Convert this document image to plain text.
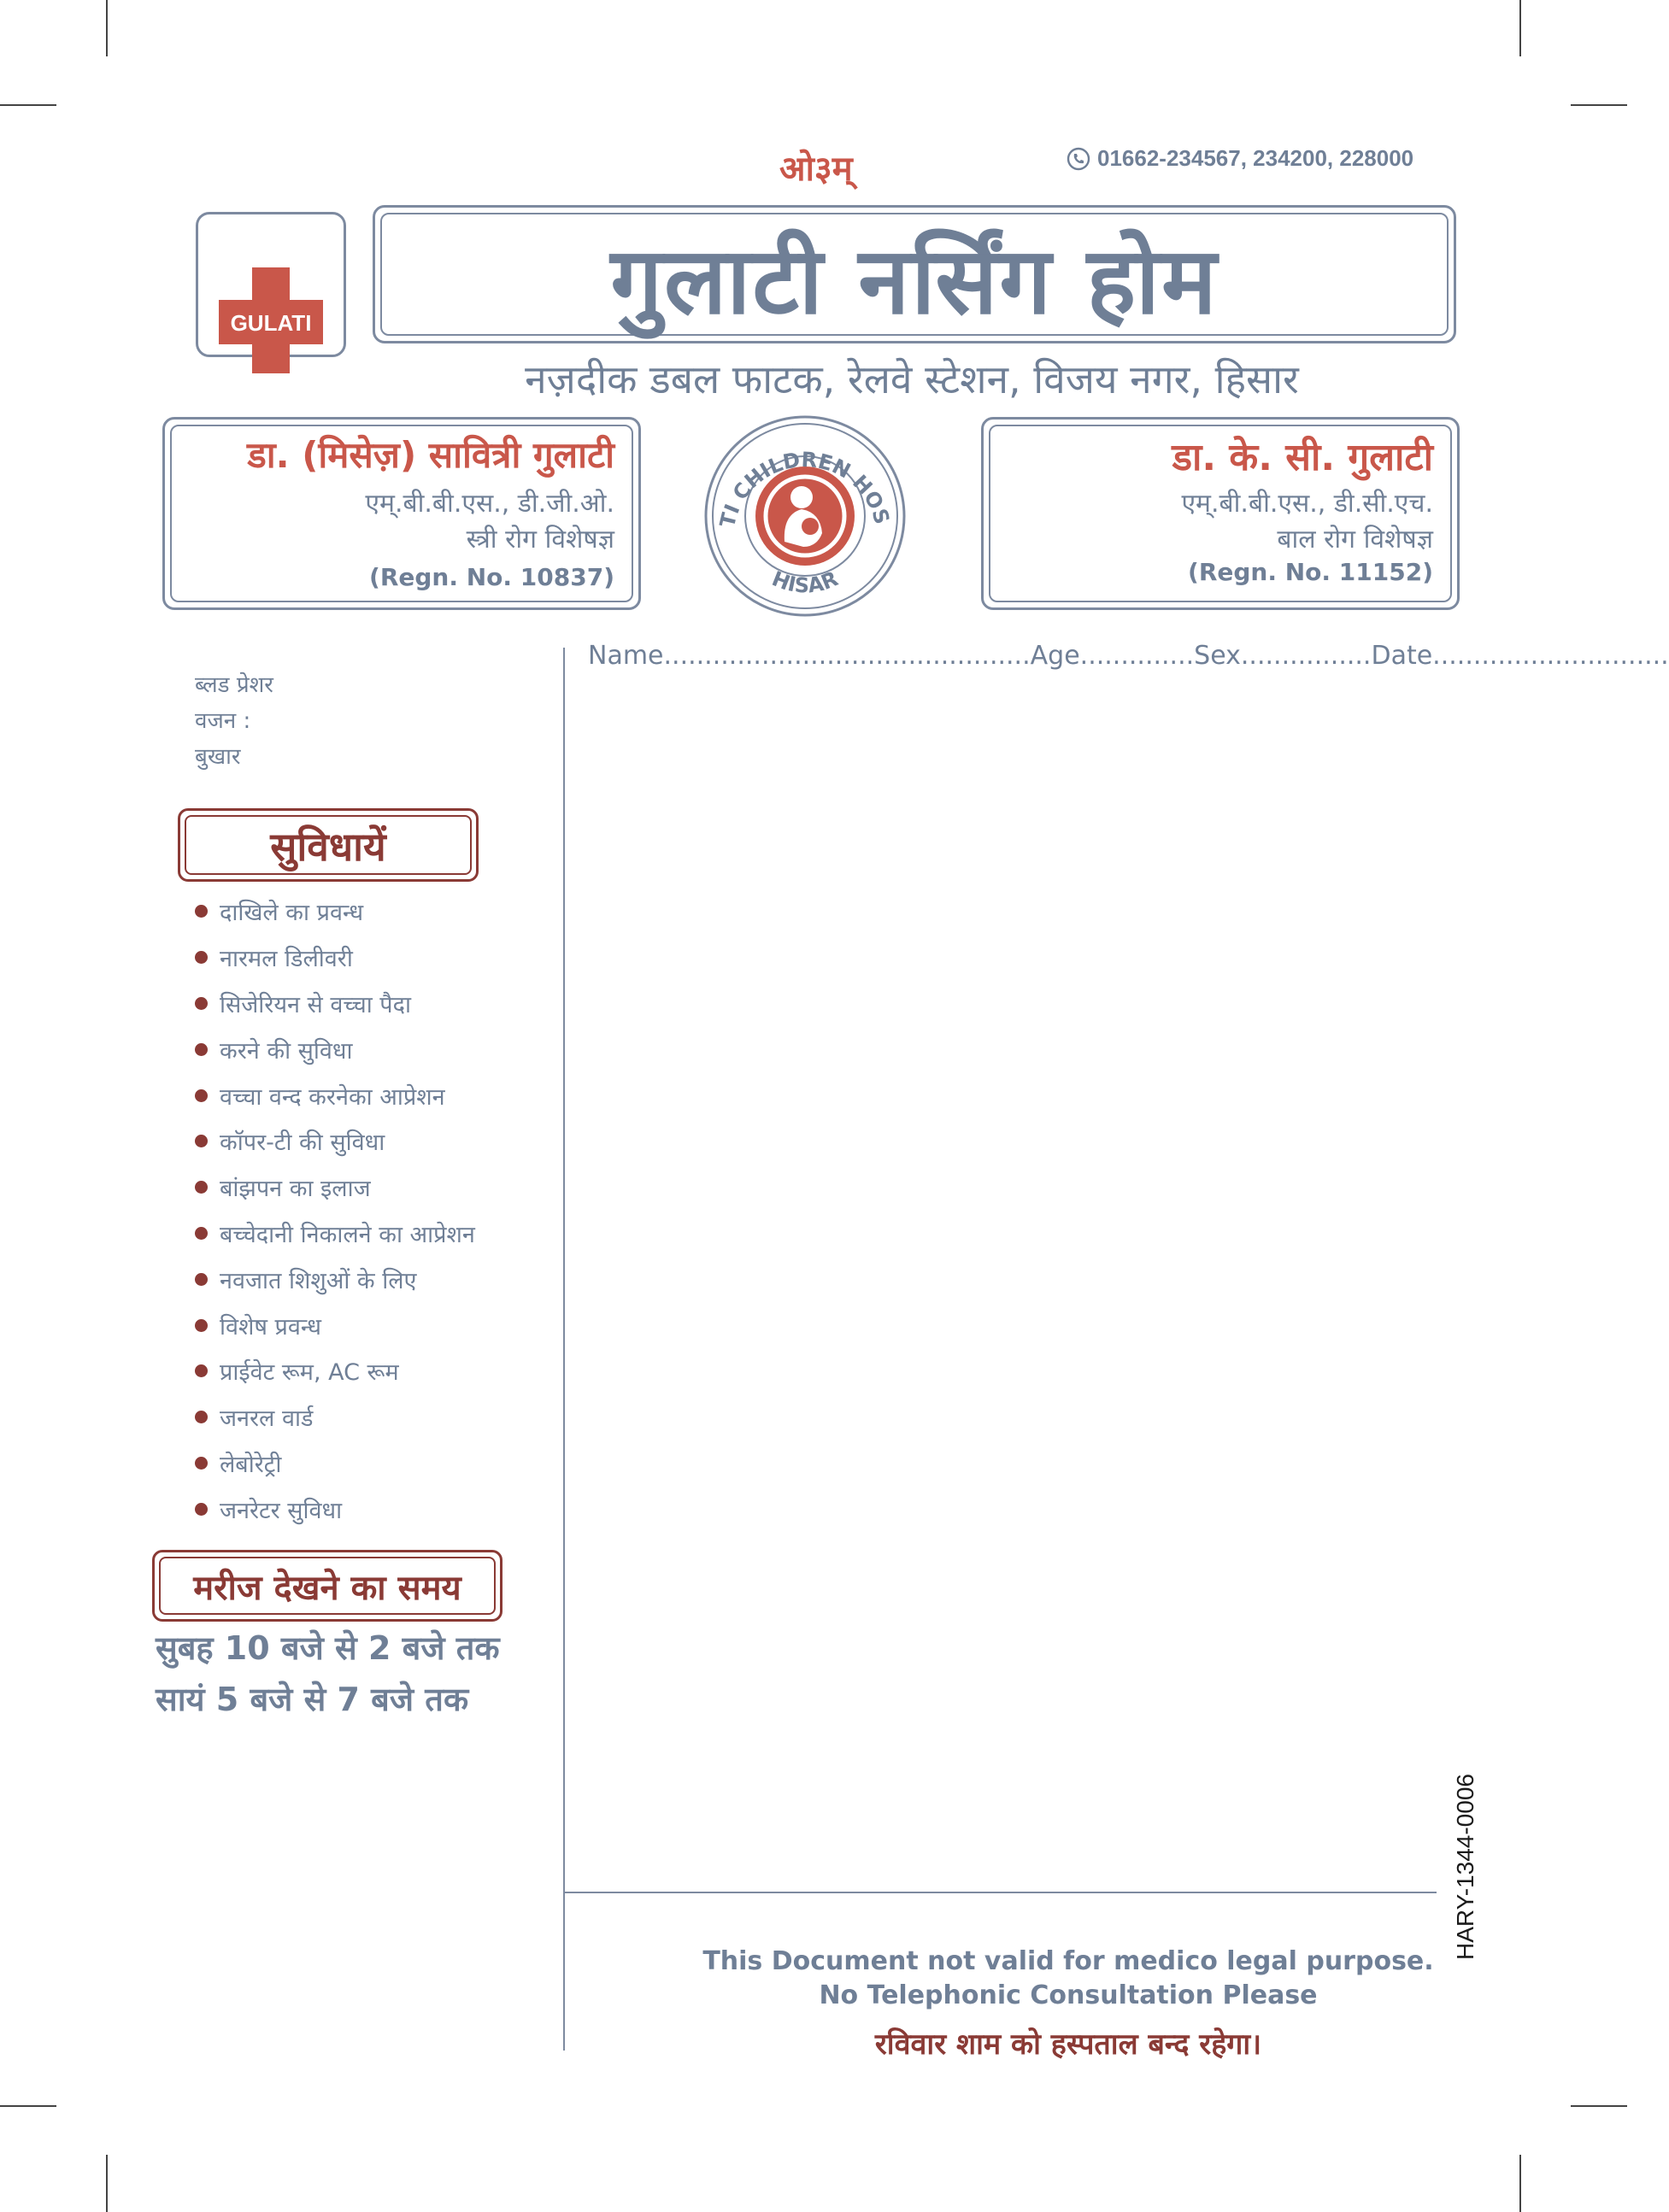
ओ३म्	01662-234567, 234200, 228000
GULATI	गुलाटी नर्सिंग होम
नज़दीक डबल फाटक, रेलवे स्टेशन, विजय नगर, हिसार
डा. (मिसेज़) सावित्री गुलाटी
एम्.बी.बी.एस., डी.जी.ओ.
स्त्री रोग विशेषज्ञ
(Regn. No. 10837)
TI CHILDREN HOS
HISAR
डा. के. सी. गुलाटी
एम्.बी.बी.एस., डी.सी.एच.
बाल रोग विशेषज्ञ
(Regn. No. 11152)
Name.............................................Age..............Sex................Date.............................
ब्लड प्रेशर
वजन :
बुखार
सुविधायें
दाखिले का प्रवन्ध
नारमल डिलीवरी
सिजेरियन से वच्चा पैदा
करने की सुविधा
वच्चा वन्द करनेका आप्रेशन
कॉपर-टी की सुविधा
बांझपन का इलाज
बच्चेदानी निकालने का आप्रेशन
नवजात शिशुओं के लिए
विशेष प्रवन्ध
प्राईवेट रूम, AC रूम
जनरल वार्ड
लेबोरेट्री
जनरेटर सुविधा
मरीज देखने का समय
सुबह 10 बजे से 2 बजे तक
सायं 5 बजे से 7 बजे तक
This Document not valid for medico legal purpose.
No Telephonic Consultation Please
रविवार शाम को हस्पताल बन्द रहेगा।
HARY-1344-0006
